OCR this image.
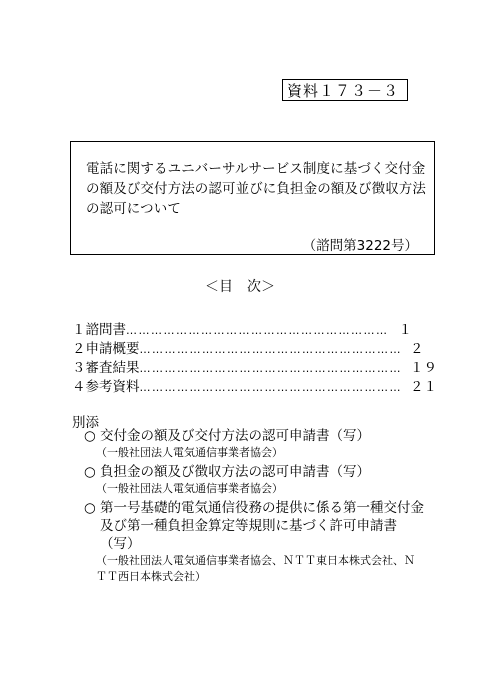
資料１７３－３
電話に関するユニバーサルサービス制度に基づく交付金の額及び交付方法の認可並びに負担金の額及び徴収方法の認可について
（諮問第3222号）
＜目　次＞
１ 諮問書 ……………………………………………………… １
２ 申請概要 ……………………………………………………… ２
３ 審査結果 ……………………………………………………… １９
４ 参考資料 ……………………………………………………… ２１
別添
○ 交付金の額及び交付方法の認可申請書（写）
（一般社団法人電気通信事業者協会）
○ 負担金の額及び徴収方法の認可申請書（写）
（一般社団法人電気通信事業者協会）
○ 第一号基礎的電気通信役務の提供に係る第一種交付金及び第一種負担金算定等規則に基づく許可申請書（写）
（一般社団法人電気通信事業者協会、ＮＴＴ東日本株式会社、ＮＴＴ西日本株式会社）
